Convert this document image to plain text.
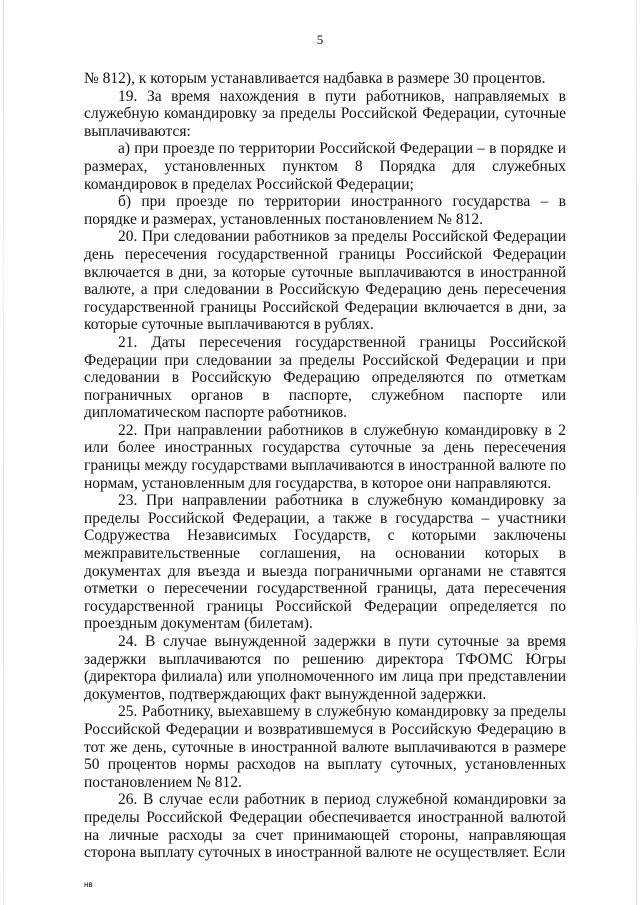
5

№ 812), к которым устанавливается надбавка в размере 30 процентов.

19. За время нахождения в пути работников, направляемых в служебную командировку за пределы Российской Федерации, суточные выплачиваются:

а) при проезде по территории Российской Федерации – в порядке и размерах, установленных пунктом 8 Порядка для служебных командировок в пределах Российской Федерации;

б) при проезде по территории иностранного государства – в порядке и размерах, установленных постановлением № 812.

20. При следовании работников за пределы Российской Федерации день пересечения государственной границы Российской Федерации включается в дни, за которые суточные выплачиваются в иностранной валюте, а при следовании в Российскую Федерацию день пересечения государственной границы Российской Федерации включается в дни, за которые суточные выплачиваются в рублях.

21. Даты пересечения государственной границы Российской Федерации при следовании за пределы Российской Федерации и при следовании в Российскую Федерацию определяются по отметкам пограничных органов в паспорте, служебном паспорте или дипломатическом паспорте работников.

22. При направлении работников в служебную командировку в 2 или более иностранных государства суточные за день пересечения границы между государствами выплачиваются в иностранной валюте по нормам, установленным для государства, в которое они направляются.

23. При направлении работника в служебную командировку за пределы Российской Федерации, а также в государства – участники Содружества Независимых Государств, с которыми заключены межправительственные соглашения, на основании которых в документах для въезда и выезда пограничными органами не ставятся отметки о пересечении государственной границы, дата пересечения государственной границы Российской Федерации определяется по проездным документам (билетам).

24. В случае вынужденной задержки в пути суточные за время задержки выплачиваются по решению директора ТФОМС Югры (директора филиала) или уполномоченного им лица при представлении документов, подтверждающих факт вынужденной задержки.

25. Работнику, выехавшему в служебную командировку за пределы Российской Федерации и возвратившемуся в Российскую Федерацию в тот же день, суточные в иностранной валюте выплачиваются в размере 50 процентов нормы расходов на выплату суточных, установленных постановлением № 812.

26. В случае если работник в период служебной командировки за пределы Российской Федерации обеспечивается иностранной валютой на личные расходы за счет принимающей стороны, направляющая сторона выплату суточных в иностранной валюте не осуществляет. Если

нв
